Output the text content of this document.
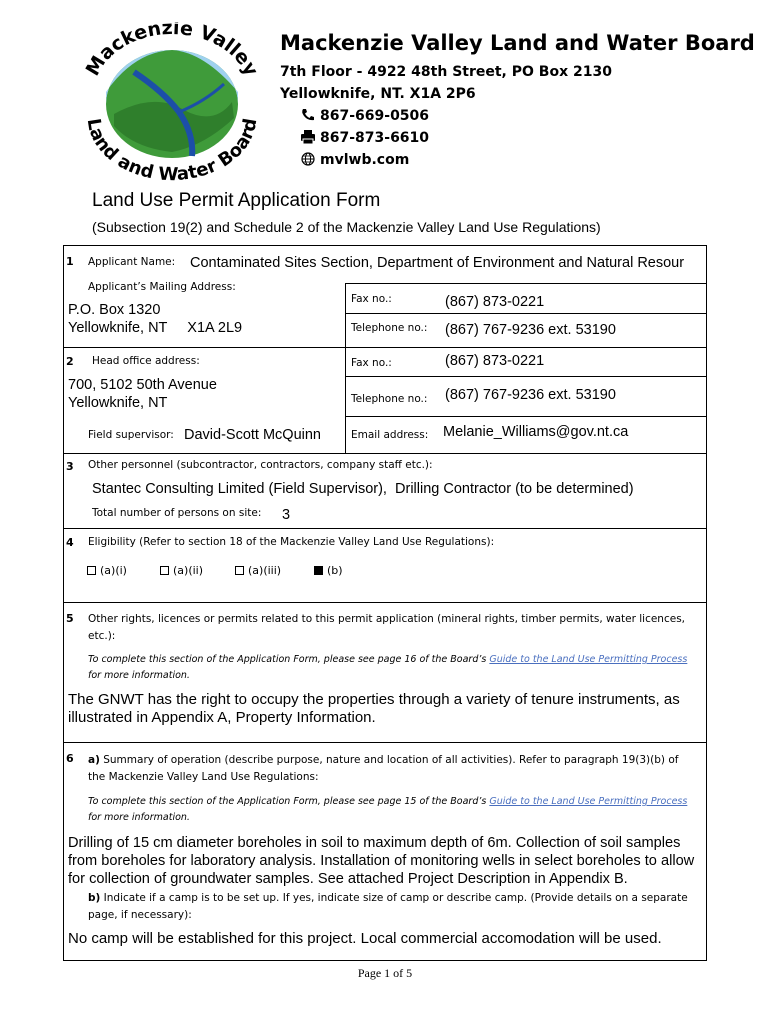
Mackenzie Valley
Land and Water Board
Mackenzie Valley Land and Water Board
7th Floor - 4922 48th Street, PO Box 2130
Yellowknife, NT. X1A 2P6
867-669-0506
867-873-6610
mvlwb.com
Land Use Permit Application Form
(Subsection 19(2) and Schedule 2 of the Mackenzie Valley Land Use Regulations)
1 Applicant Name: Contaminated Sites Section, Department of Environment and Natural Resour
Applicant’s Mailing Address:
P.O. Box 1320
Yellowknife, NT     X1A 2L9
Fax no.:	(867) 873-0221
Telephone no.: (867) 767-9236 ext. 53190
2 Head office address:
700, 5102 50th Avenue
Yellowknife, NT
Fax no.:	(867) 873-0221
Telephone no.: (867) 767-9236 ext. 53190
Field supervisor: David-Scott McQuinn	Email address: Melanie_Williams@gov.nt.ca
3 Other personnel (subcontractor, contractors, company staff etc.):
Stantec Consulting Limited (Field Supervisor),  Drilling Contractor (to be determined)
Total number of persons on site: 3
4 Eligibility (Refer to section 18 of the Mackenzie Valley Land Use Regulations):
(a)(i)	(a)(ii)	(a)(iii)	(b)
5 Other rights, licences or permits related to this permit application (mineral rights, timber permits, water licences, etc.):
To complete this section of the Application Form, please see page 16 of the Board’s Guide to the Land Use Permitting Process for more information.
The GNWT has the right to occupy the properties through a variety of tenure instruments, as illustrated in Appendix A, Property Information.
6 a) Summary of operation (describe purpose, nature and location of all activities). Refer to paragraph 19(3)(b) of the Mackenzie Valley Land Use Regulations:
To complete this section of the Application Form, please see page 15 of the Board’s Guide to the Land Use Permitting Process for more information.
Drilling of 15 cm diameter boreholes in soil to maximum depth of 6m. Collection of soil samples from boreholes for laboratory analysis. Installation of monitoring wells in select boreholes to allow for collection of groundwater samples. See attached Project Description in Appendix B.
b) Indicate if a camp is to be set up. If yes, indicate size of camp or describe camp. (Provide details on a separate page, if necessary):
No camp will be established for this project. Local commercial accomodation will be used.
Page 1 of 5
